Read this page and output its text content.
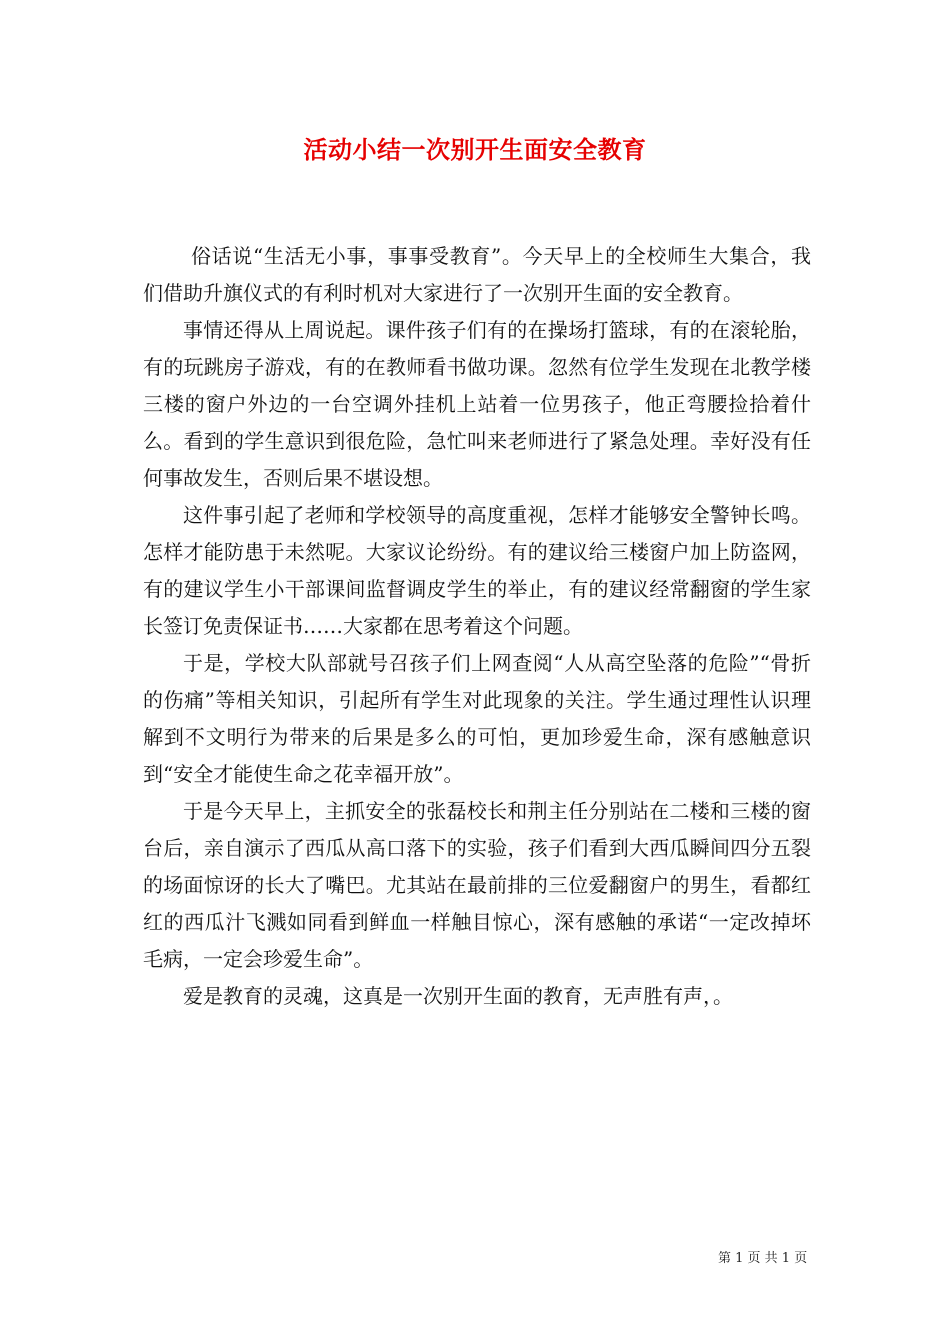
活动小结一次别开生面安全教育

俗话说“生活无小事，事事受教育”。今天早上的全校师生大集合，我们借助升旗仪式的有利时机对大家进行了一次别开生面的安全教育。

事情还得从上周说起。课件孩子们有的在操场打篮球，有的在滚轮胎，有的玩跳房子游戏，有的在教师看书做功课。忽然有位学生发现在北教学楼三楼的窗户外边的一台空调外挂机上站着一位男孩子，他正弯腰捡拾着什么。看到的学生意识到很危险，急忙叫来老师进行了紧急处理。幸好没有任何事故发生，否则后果不堪设想。

这件事引起了老师和学校领导的高度重视，怎样才能够安全警钟长鸣。怎样才能防患于未然呢。大家议论纷纷。有的建议给三楼窗户加上防盗网，有的建议学生小干部课间监督调皮学生的举止，有的建议经常翻窗的学生家长签订免责保证书……大家都在思考着这个问题。

于是，学校大队部就号召孩子们上网查阅“人从高空坠落的危险”“骨折的伤痛”等相关知识，引起所有学生对此现象的关注。学生通过理性认识理解到不文明行为带来的后果是多么的可怕，更加珍爱生命，深有感触意识到“安全才能使生命之花幸福开放”。

于是今天早上，主抓安全的张磊校长和荆主任分别站在二楼和三楼的窗台后，亲自演示了西瓜从高口落下的实验，孩子们看到大西瓜瞬间四分五裂的场面惊讶的长大了嘴巴。尤其站在最前排的三位爱翻窗户的男生，看都红红的西瓜汁飞溅如同看到鲜血一样触目惊心，深有感触的承诺“一定改掉坏毛病，一定会珍爱生命”。

爱是教育的灵魂，这真是一次别开生面的教育，无声胜有声，。

第 1 页 共 1 页
